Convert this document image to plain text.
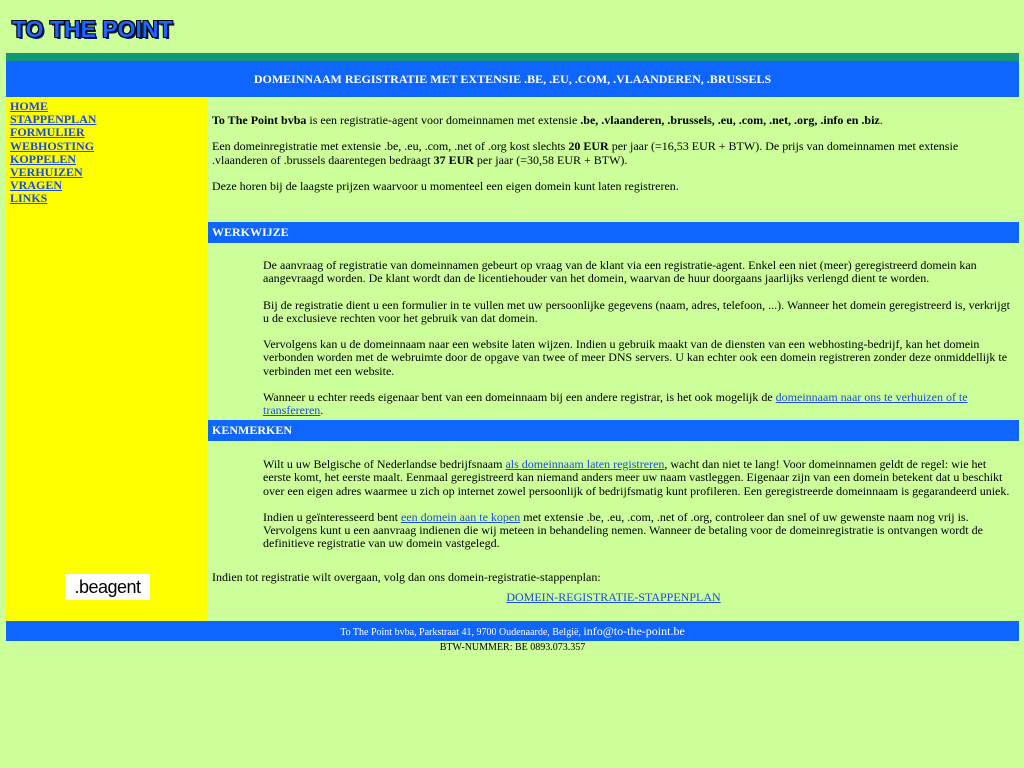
TO THE POINT
DOMEINNAAM REGISTRATIE MET EXTENSIE .BE, .EU, .COM, .VLAANDEREN, .BRUSSELS
HOME
STAPPENPLAN
FORMULIER
WEBHOSTING
KOPPELEN
VERHUIZEN
VRAGEN
LINKS
.be agent

To The Point bvba is een registratie-agent voor domeinnamen met extensie .be, .vlaanderen, .brussels, .eu, .com, .net, .org, .info en .biz.

Een domeinregistratie met extensie .be, .eu, .com, .net of .org kost slechts 20 EUR per jaar (=16,53 EUR + BTW). De prijs van domeinnamen met extensie .vlaanderen of .brussels daarentegen bedraagt 37 EUR per jaar (=30,58 EUR + BTW).

Deze horen bij de laagste prijzen waarvoor u momenteel een eigen domein kunt laten registreren.

WERKWIJZE

De aanvraag of registratie van domeinnamen gebeurt op vraag van de klant via een registratie-agent. Enkel een niet (meer) geregistreerd domein kan aangevraagd worden. De klant wordt dan de licentiehouder van het domein, waarvan de huur doorgaans jaarlijks verlengd dient te worden.

Bij de registratie dient u een formulier in te vullen met uw persoonlijke gegevens (naam, adres, telefoon, ...). Wanneer het domein geregistreerd is, verkrijgt u de exclusieve rechten voor het gebruik van dat domein.

Vervolgens kan u de domeinnaam naar een website laten wijzen. Indien u gebruik maakt van de diensten van een webhosting-bedrijf, kan het domein verbonden worden met de webruimte door de opgave van twee of meer DNS servers. U kan echter ook een domein registreren zonder deze onmiddellijk te verbinden met een website.

Wanneer u echter reeds eigenaar bent van een domeinnaam bij een andere registrar, is het ook mogelijk de domeinnaam naar ons te verhuizen of te transfereren.

KENMERKEN

Wilt u uw Belgische of Nederlandse bedrijfsnaam als domeinnaam laten registreren, wacht dan niet te lang! Voor domeinnamen geldt de regel: wie het eerste komt, het eerste maalt. Eenmaal geregistreerd kan niemand anders meer uw naam vastleggen. Eigenaar zijn van een domein betekent dat u beschikt over een eigen adres waarmee u zich op internet zowel persoonlijk of bedrijfsmatig kunt profileren. Een geregistreerde domeinnaam is gegarandeerd uniek.

Indien u geïnteresseerd bent een domein aan te kopen met extensie .be, .eu, .com, .net of .org, controleer dan snel of uw gewenste naam nog vrij is. Vervolgens kunt u een aanvraag indienen die wij meteen in behandeling nemen. Wanneer de betaling voor de domeinregistratie is ontvangen wordt de definitieve registratie van uw domein vastgelegd.

Indien tot registratie wilt overgaan, volg dan ons domein-registratie-stappenplan:
DOMEIN-REGISTRATIE-STAPPENPLAN
To The Point bvba, Parkstraat 41, 9700 Oudenaarde, België, info@to-the-point.be
BTW-NUMMER: BE 0893.073.357
